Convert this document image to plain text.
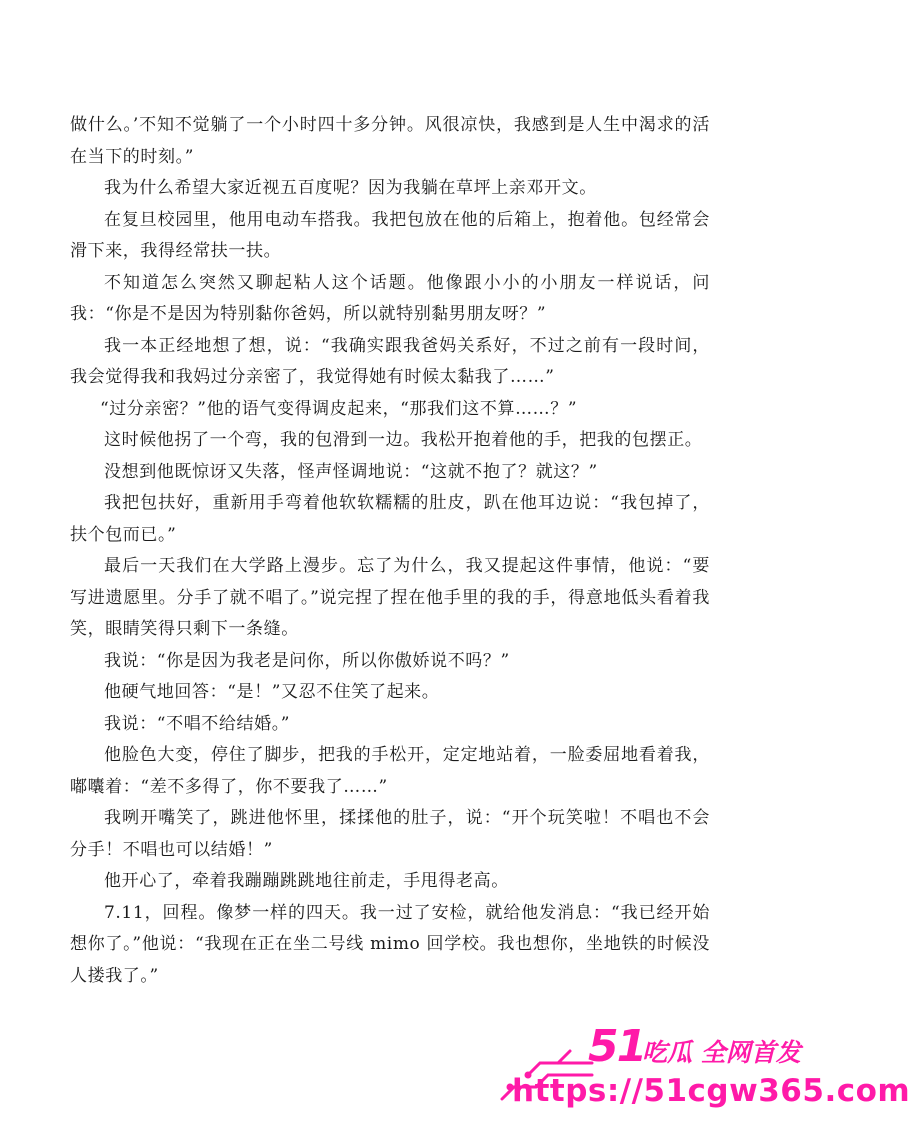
做什么。’不知不觉躺了一个小时四十多分钟。风很凉快，我感到是人生中渴求的活在当下的时刻。”

我为什么希望大家近视五百度呢？因为我躺在草坪上亲邓开文。

在复旦校园里，他用电动车搭我。我把包放在他的后箱上，抱着他。包经常会滑下来，我得经常扶一扶。

不知道怎么突然又聊起粘人这个话题。他像跟小小的小朋友一样说话，问我：“你是不是因为特别黏你爸妈，所以就特别黏男朋友呀？”

我一本正经地想了想，说：“我确实跟我爸妈关系好，不过之前有一段时间，我会觉得我和我妈过分亲密了，我觉得她有时候太黏我了……”

“过分亲密？”他的语气变得调皮起来，“那我们这不算……？”

这时候他拐了一个弯，我的包滑到一边。我松开抱着他的手，把我的包摆正。

没想到他既惊讶又失落，怪声怪调地说：“这就不抱了？就这？”

我把包扶好，重新用手弯着他软软糯糯的肚皮，趴在他耳边说：“我包掉了，扶个包而已。”

最后一天我们在大学路上漫步。忘了为什么，我又提起这件事情，他说：“要写进遗愿里。分手了就不唱了。”说完捏了捏在他手里的我的手，得意地低头看着我笑，眼睛笑得只剩下一条缝。

我说：“你是因为我老是问你，所以你傲娇说不吗？”

他硬气地回答：“是！”又忍不住笑了起来。

我说：“不唱不给结婚。”

他脸色大变，停住了脚步，把我的手松开，定定地站着，一脸委屈地看着我，嘟囔着：“差不多得了，你不要我了……”

我咧开嘴笑了，跳进他怀里，揉揉他的肚子，说：“开个玩笑啦！不唱也不会分手！不唱也可以结婚！”

他开心了，牵着我蹦蹦跳跳地往前走，手甩得老高。

7.11，回程。像梦一样的四天。我一过了安检，就给他发消息：“我已经开始想你了。”他说：“我现在正在坐二号线 mimo 回学校。我也想你，坐地铁的时候没人搂我了。”

51
吃瓜 全网首发
https://51cgw365.com
